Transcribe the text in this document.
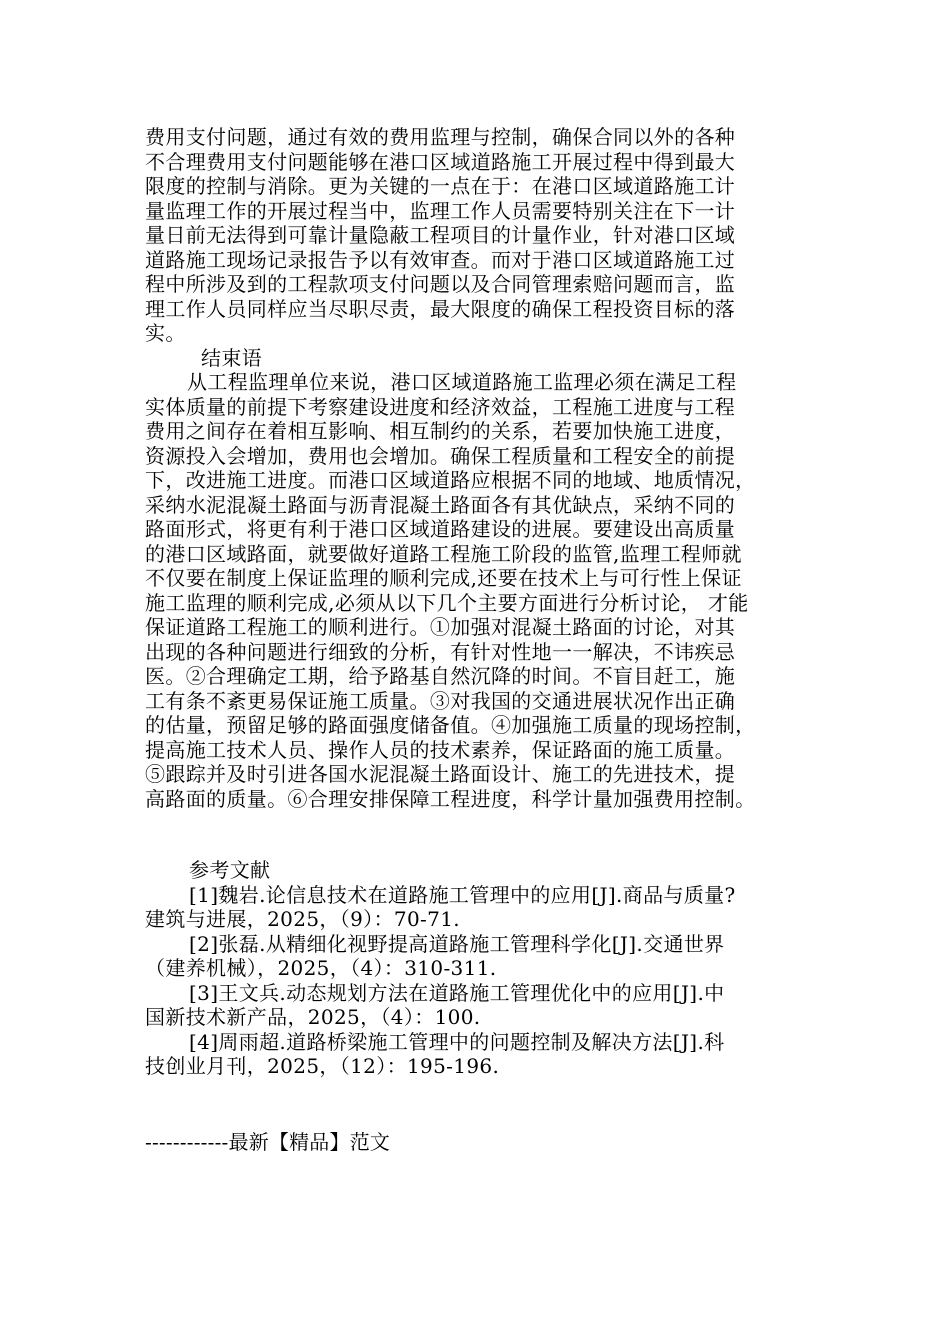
费用支付问题，通过有效的费用监理与控制，确保合同以外的各种
不合理费用支付问题能够在港口区域道路施工开展过程中得到最大
限度的控制与消除。更为关键的一点在于：在港口区域道路施工计
量监理工作的开展过程当中，监理工作人员需要特别关注在下一计
量日前无法得到可靠计量隐蔽工程项目的计量作业，针对港口区域
道路施工现场记录报告予以有效审查。而对于港口区域道路施工过
程中所涉及到的工程款项支付问题以及合同管理索赔问题而言，监
理工作人员同样应当尽职尽责，最大限度的确保工程投资目标的落
实。
结束语
从工程监理单位来说，港口区域道路施工监理必须在满足工程
实体质量的前提下考察建设进度和经济效益，工程施工进度与工程
费用之间存在着相互影响、相互制约的关系，若要加快施工进度，
资源投入会增加，费用也会增加。确保工程质量和工程安全的前提
下，改进施工进度。而港口区域道路应根据不同的地域、地质情况，
采纳水泥混凝土路面与沥青混凝土路面各有其优缺点，采纳不同的
路面形式，将更有利于港口区域道路建设的进展。要建设出高质量
的港口区域路面，就要做好道路工程施工阶段的监管,监理工程师就
不仅要在制度上保证监理的顺利完成,还要在技术上与可行性上保证
施工监理的顺利完成,必须从以下几个主要方面进行分析讨论， 才能
保证道路工程施工的顺利进行。①加强对混凝土路面的讨论，对其
出现的各种问题进行细致的分析，有针对性地一一解决，不讳疾忌
医。②合理确定工期，给予路基自然沉降的时间。不盲目赶工，施
工有条不紊更易保证施工质量。③对我国的交通进展状况作出正确
的估量，预留足够的路面强度储备值。④加强施工质量的现场控制，
提高施工技术人员、操作人员的技术素养，保证路面的施工质量。
⑤跟踪并及时引进各国水泥混凝土路面设计、施工的先进技术，提
高路面的质量。⑥合理安排保障工程进度，科学计量加强费用控制。
参考文献
[1]魏岩.论信息技术在道路施工管理中的应用[J].商品与质量?
建筑与进展，2025，（9）：70-71.
[2]张磊.从精细化视野提高道路施工管理科学化[J].交通世界
（建养机械），2025，（4）：310-311.
[3]王文兵.动态规划方法在道路施工管理优化中的应用[J].中
国新技术新产品，2025，（4）：100.
[4]周雨超.道路桥梁施工管理中的问题控制及解决方法[J].科
技创业月刊，2025，（12）：195-196.
------------最新【精品】范文
